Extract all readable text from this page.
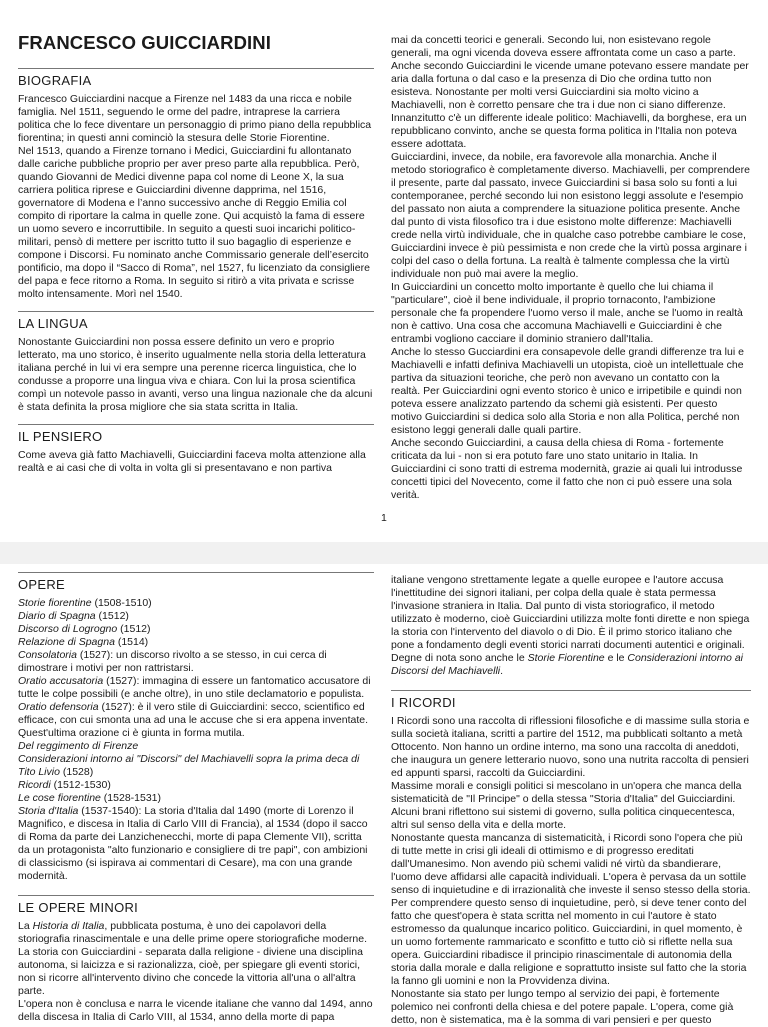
FRANCESCO GUICCIARDINI
BIOGRAFIA

Francesco Guicciardini nacque a Firenze nel 1483 da una ricca e nobile famiglia. Nel 1511, seguendo le orme del padre, intraprese la carriera politica che lo fece diventare un personaggio di primo piano della repubblica fiorentina; in questi anni cominciò la stesura delle Storie Fiorentine.

Nel 1513, quando a Firenze tornano i Medici, Guicciardini fu allontanato dalle cariche pubbliche proprio per aver preso parte alla repubblica. Però, quando Giovanni de Medici divenne papa col nome di Leone X, la sua carriera politica riprese e Guicciardini divenne dapprima, nel 1516, governatore di Modena e l’anno successivo anche di Reggio Emilia col compito di riportare la calma in quelle zone. Qui acquistò la fama di essere un uomo severo e incorruttibile. In seguito a questi suoi incarichi politico-militari, pensò di mettere per iscritto tutto il suo bagaglio di esperienze e compone i Discorsi. Fu nominato anche Commissario generale dell’esercito pontificio, ma dopo il “Sacco di Roma”, nel 1527, fu licenziato da consigliere del papa e fece ritorno a Roma. In seguito si ritirò a vita privata e scrisse molto intensamente. Morì nel 1540.

LA LINGUA

Nonostante Guicciardini non possa essere definito un vero e proprio letterato, ma uno storico, è inserito ugualmente nella storia della letteratura italiana perché in lui vi era sempre una perenne ricerca linguistica, che lo condusse a proporre una lingua viva e chiara. Con lui la prosa scientifica compì un notevole passo in avanti, verso una lingua nazionale che da alcuni è stata definita la prosa migliore che sia stata scritta in Italia.

IL PENSIERO

Come aveva già fatto Machiavelli, Guicciardini faceva molta attenzione alla realtà e ai casi che di volta in volta gli si presentavano e non partiva

mai da concetti teorici e generali. Secondo lui, non esistevano regole generali, ma ogni vicenda doveva essere affrontata come un caso a parte.

Anche secondo Guicciardini le vicende umane potevano essere mandate per aria dalla fortuna o dal caso e la presenza di Dio che ordina tutto non esisteva. Nonostante per molti versi Guicciardini sia molto vicino a Machiavelli, non è corretto pensare che tra i due non ci siano differenze. Innanzitutto c'è un differente ideale politico: Machiavelli, da borghese, era un repubblicano convinto, anche se questa forma politica in l'Italia non poteva essere adottata.

Guicciardini, invece, da nobile, era favorevole alla monarchia. Anche il metodo storiografico è completamente diverso. Machiavelli, per comprendere il presente, parte dal passato, invece Guicciardini si basa solo su fonti a lui contemporanee, perché secondo lui non esistono leggi assolute e l'esempio del passato non aiuta a comprendere la situazione politica presente. Anche dal punto di vista filosofico tra i due esistono molte differenze: Machiavelli crede nella virtù individuale, che in qualche caso potrebbe cambiare le cose, Guicciardini invece è più pessimista e non crede che la virtù possa arginare i colpi del caso o della fortuna. La realtà è talmente complessa che la virtù individuale non può mai avere la meglio.

In Guicciardini un concetto molto importante è quello che lui chiama il "particulare", cioè il bene individuale, il proprio tornaconto, l'ambizione personale che fa propendere l'uomo verso il male, anche se l'uomo in realtà non è cattivo. Una cosa che accomuna Machiavelli e Guicciardini è che entrambi vogliono cacciare il dominio straniero dall'Italia.

Anche lo stesso Gucciardini era consapevole delle grandi differenze tra lui e Machiavelli e infatti definiva Machiavelli un utopista, cioè un intellettuale che partiva da situazioni teoriche, che però non avevano un contatto con la realtà. Per Guicciardini ogni evento storico è unico e irripetibile e quindi non poteva essere analizzato partendo da schemi già esistenti. Per questo motivo Guicciardini si dedica solo alla Storia e non alla Politica, perché non esistono leggi generali dalle quali partire.

Anche secondo Guicciardini, a causa della chiesa di Roma - fortemente criticata da lui - non si era potuto fare uno stato unitario in Italia. In Guicciardini ci sono tratti di estrema modernità, grazie ai quali lui introdusse concetti tipici del Novecento, come il fatto che non ci può essere una sola verità.

1
OPERE

Storie fiorentine (1508-1510)

Diario di Spagna (1512)

Discorso di Logrogno (1512)

Relazione di Spagna (1514)

Consolatoria (1527): un discorso rivolto a se stesso, in cui cerca di dimostrare i motivi per non rattristarsi.

Oratio accusatoria (1527): immagina di essere un fantomatico accusatore di tutte le colpe possibili (e anche oltre), in uno stile declamatorio e populista.

Oratio defensoria (1527): è il vero stile di Guicciardini: secco, scientifico ed efficace, con cui smonta una ad una le accuse che si era appena inventate. Quest'ultima orazione ci è giunta in forma mutila.

Del reggimento di Firenze

Considerazioni intorno ai "Discorsi" del Machiavelli sopra la prima deca di Tito Livio (1528)

Ricordi (1512-1530)

Le cose fiorentine (1528-1531)

Storia d'Italia (1537-1540): La storia d'Italia dal 1490 (morte di Lorenzo il Magnifico, e discesa in Italia di Carlo VIII di Francia), al 1534 (dopo il sacco di Roma da parte dei Lanzichenecchi, morte di papa Clemente VII), scritta da un protagonista "alto funzionario e consigliere di tre papi", con ambizioni di classicismo (si ispirava ai commentari di Cesare), ma con una grande modernità.

LE OPERE MINORI

La Historia di Italia, pubblicata postuma, è uno dei capolavori della storiografia rinascimentale e una delle prime opere storiografiche moderne. La storia con Guicciardini - separata dalla religione - diviene una disciplina autonoma, si laicizza e si razionalizza, cioè, per spiegare gli eventi storici, non si ricorre all'intervento divino che concede la vittoria all'una o all'altra parte.

L'opera non è conclusa e narra le vicende italiane che vanno dal 1494, anno della discesa in Italia di Carlo VIII, al 1534, anno della morte di papa

italiane vengono strettamente legate a quelle europee e l'autore accusa l'inettitudine dei signori italiani, per colpa della quale è stata permessa l'invasione straniera in Italia. Dal punto di vista storiografico, il metodo utilizzato è moderno, cioè Guicciardini utilizza molte fonti dirette e non spiega la storia con l'intervento del diavolo o di Dio. È il primo storico italiano che pone a fondamento degli eventi storici narrati documenti autentici e originali. Degne di nota sono anche le Storie Fiorentine e le Considerazioni intorno ai Discorsi del Machiavelli.

I RICORDI

I Ricordi sono una raccolta di riflessioni filosofiche e di massime sulla storia e sulla società italiana, scritti a partire del 1512, ma pubblicati soltanto a metà Ottocento. Non hanno un ordine interno, ma sono una raccolta di aneddoti, che inaugura un genere letterario nuovo, sono una nutrita raccolta di pensieri ed appunti sparsi, raccolti da Guicciardini.

Massime morali e consigli politici si mescolano in un'opera che manca della sistematicità de "Il Principe" o della stessa "Storia d'Italia" del Guicciardini. Alcuni brani riflettono sui sistemi di governo, sulla politica cinquecentesca, altri sul senso della vita e della morte.

Nonostante questa mancanza di sistematicità, i Ricordi sono l'opera che più di tutte mette in crisi gli ideali di ottimismo e di progresso ereditati dall'Umanesimo. Non avendo più schemi validi né virtù da sbandierare, l'uomo deve affidarsi alle capacità individuali. L'opera è pervasa da un sottile senso di inquietudine e di irrazionalità che investe il senso stesso della storia. Per comprendere questo senso di inquietudine, però, si deve tener conto del fatto che quest'opera è stata scritta nel momento in cui l'autore è stato estromesso da qualunque incarico politico. Guicciardini, in quel momento, è un uomo fortemente rammaricato e sconfitto e tutto ciò si riflette nella sua opera. Guicciardini ribadisce il principio rinascimentale di autonomia della storia dalla morale e dalla religione e soprattutto insiste sul fatto che la storia la fanno gli uomini e non la Provvidenza divina.

Nonostante sia stato per lungo tempo al servizio dei papi, è fortemente polemico nei confronti della chiesa e del potere papale. L'opera, come già detto, non è sistematica, ma è la somma di vari pensieri e per questo
